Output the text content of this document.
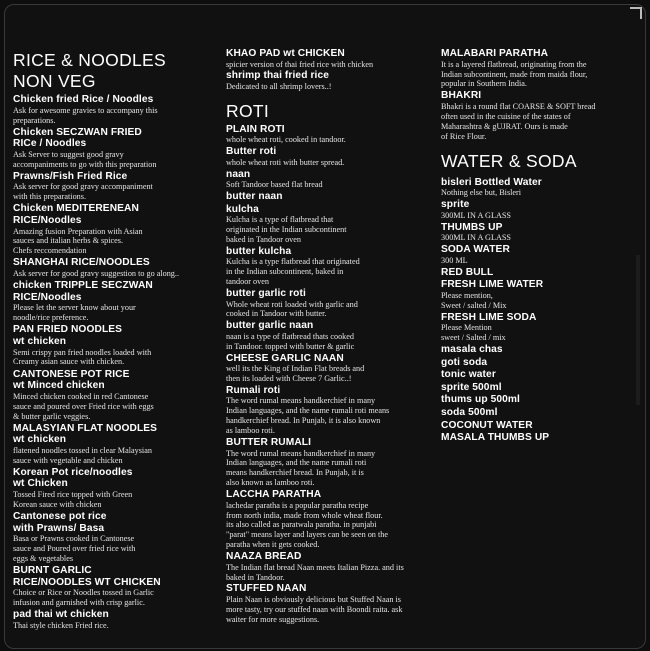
RICE & NOODLES
NON VEG
Chicken fried Rice / Noodles
Ask for awesome gravies to accompany this
preparations.
Chicken SECZWAN FRIED
RICe / Noodles
Ask Server to suggest good gravy
accompaniments to go with this preparation
Prawns/Fish Fried Rice
Ask server for good gravy accompaniment
with this preparations.
Chicken MEDITERENEAN
RICE/Noodles
Amazing fusion Preparation with Asian
sauces and italian herbs & spices.
Chefs reccomendation
SHANGHAI RICE/NOODLES
Ask server for good gravy suggestion to go along..
chicken TRIPPLE SECZWAN
RICE/Noodles
Please let the server know about your
noodle/rice preference.
PAN FRIED NOODLES
wt chicken
Semi crispy pan fried noodles loaded with
Creamy asian sauce with chicken.
CANTONESE POT RICE
wt Minced chicken
Minced chicken cooked in red Cantonese
sauce and poured over Fried rice with eggs
& butter garlic veggies.
MALASYIAN FLAT NOODLES
wt chicken
flatened noodles tossed in clear Malaysian
sauce with vegetable and chicken
Korean Pot rice/noodles
wt Chicken
Tossed Fired rice topped with Green
Korean sauce with chicken
Cantonese pot rice
with Prawns/ Basa
Basa or Prawns cooked in Cantonese
sauce and Poured over fried rice with
eggs & vegetables
BURNT GARLIC
RICE/NOODLES WT CHICKEN
Choice or Rice or Noodles tossed in Garlic
infusion and garnished with crisp garlic.
pad thai wt chicken
Thai style chicken Fried rice.
KHAO PAD wt CHICKEN
spicier version of thai fried rice with chicken
shrimp thai fried rice
Dedicated to all shrimp lovers..!
ROTI
PLAIN ROTI
whole wheat roti, cooked in tandoor.
Butter roti
whole wheat roti with butter spread.
naan
Soft Tandoor based flat bread
butter naan
kulcha
Kulcha is a type of flatbread that
originated in the Indian subcontinent
baked in Tandoor oven
butter kulcha
Kulcha is a type flatbread that originated
in the Indian subcontinent, baked in
tandoor oven
butter garlic roti
Whole wheat roti loaded with garlic and
cooked in Tandoor with butter.
butter garlic naan
naan is a type of flatbread thats cooked
in Tandoor. topped with butter & garlic
CHEESE GARLIC NAAN
well its the King of Indian Flat breads and
then its loaded with Cheese 7 Garlic..!
Rumali roti
The word rumal means handkerchief in many
Indian languages, and the name rumali roti means
handkerchief bread. In Punjab, it is also known
as lamboo roti.
BUTTER RUMALI
The word rumal means handkerchief in many
Indian languages, and the name rumali roti
means handkerchief bread. In Punjab, it is
also known as lamboo roti.
LACCHA PARATHA
lachedar paratha is a popular paratha recipe
from north india, made from whole wheat flour.
its also called as paratwala paratha. in punjabi
"parat" means layer and layers can be seen on the
paratha when it gets cooked.
NAAZA BREAD
The Indian flat bread Naan meets Italian Pizza. and its
baked in Tandoor.
STUFFED NAAN
Plain Naan is obviously delicious but Stuffed Naan is
more tasty, try our stuffed naan with Boondi raita. ask
waiter for more suggestions.
MALABARI PARATHA
It is a layered flatbread, originating from the
Indian subcontinent, made from maida flour,
popular in Southern India.
BHAKRI
Bhakri is a round flat COARSE & SOFT bread
often used in the cuisine of the states of
Maharashtra & gUJRAT. Ours is made
of Rice Flour.
WATER & SODA
bisleri Bottled Water
Nothing else but, Bisleri
sprite
300ML IN A GLASS
THUMBS UP
300ML IN A GLASS
SODA WATER
300 ML
RED BULL
FRESH LIME WATER
Please mention,
Sweet / salted / Mix
FRESH LIME SODA
Please Mention
sweet / Salted / mix
masala chas
goti soda
tonic water
sprite 500ml
thums up 500ml
soda 500ml
COCONUT WATER
MASALA THUMBS UP
